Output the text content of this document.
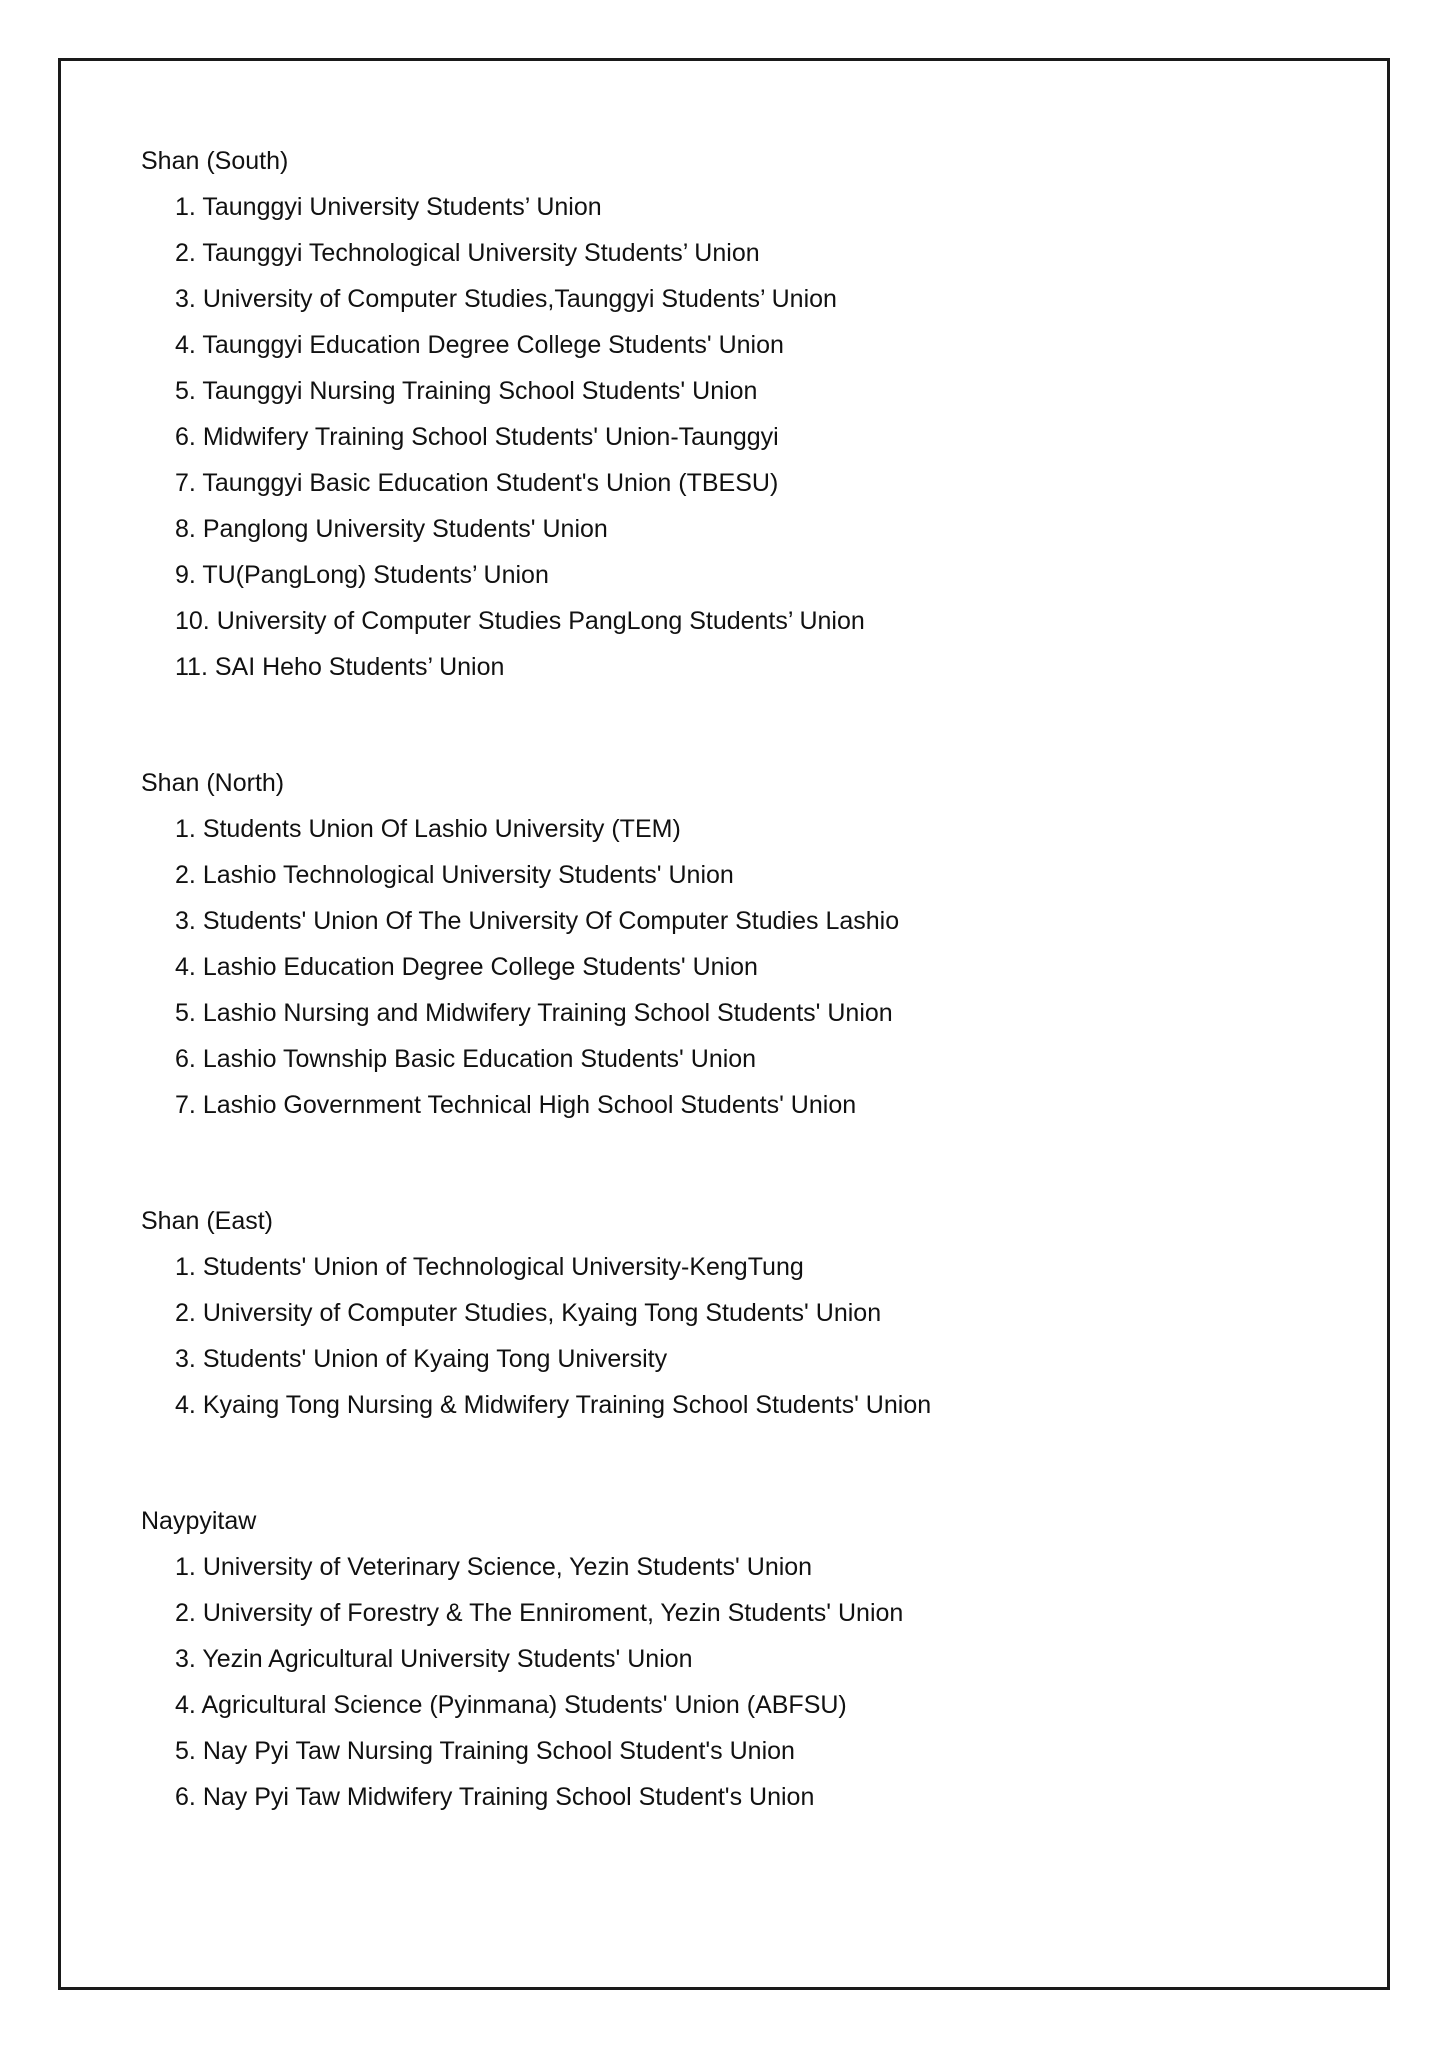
Shan (South)
1. Taunggyi University Students’ Union
2. Taunggyi Technological University Students’ Union
3. University of Computer Studies,Taunggyi Students’ Union
4. Taunggyi Education Degree College Students' Union
5. Taunggyi Nursing Training School Students' Union
6. Midwifery Training School Students' Union-Taunggyi
7. Taunggyi Basic Education Student's Union (TBESU)
8. Panglong University Students' Union
9. TU(PangLong) Students’ Union
10. University of Computer Studies PangLong Students’ Union
11. SAI Heho Students’ Union
Shan (North)
1. Students Union Of Lashio University (TEM)
2. Lashio Technological University Students' Union
3. Students' Union Of The University Of Computer Studies Lashio
4. Lashio Education Degree College Students' Union
5. Lashio Nursing and Midwifery Training School Students' Union
6. Lashio Township Basic Education Students' Union
7. Lashio Government Technical High School Students' Union
Shan (East)
1. Students' Union of Technological University-KengTung
2. University of Computer Studies, Kyaing Tong Students' Union
3. Students' Union of Kyaing Tong University
4. Kyaing Tong Nursing & Midwifery Training School Students' Union
Naypyitaw
1. University of Veterinary Science, Yezin Students' Union
2. University of Forestry & The Enniroment, Yezin Students' Union
3. Yezin Agricultural University Students' Union
4. Agricultural Science (Pyinmana) Students' Union (ABFSU)
5. Nay Pyi Taw Nursing Training School Student's Union
6. Nay Pyi Taw Midwifery Training School Student's Union
